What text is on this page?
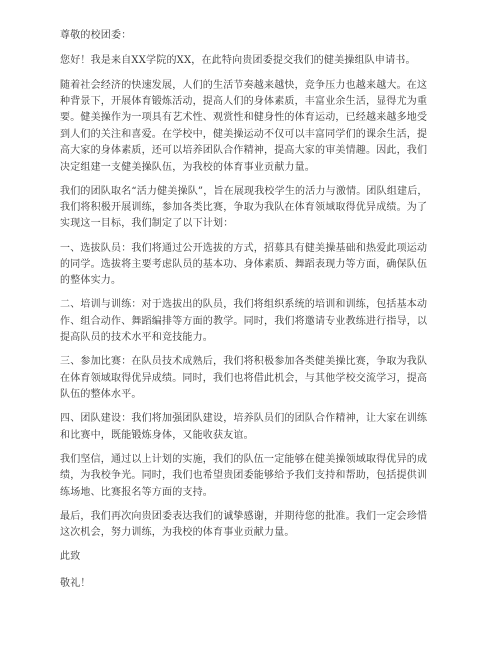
尊敬的校团委：

您好！我是来自XX学院的XX，在此特向贵团委提交我们的健美操组队申请书。

随着社会经济的快速发展，人们的生活节奏越来越快，竞争压力也越来越大。在这

种背景下，开展体育锻炼活动，提高人们的身体素质，丰富业余生活，显得尤为重

要。健美操作为一项具有艺术性、观赏性和健身性的体育运动，已经越来越多地受

到人们的关注和喜爱。在学校中，健美操运动不仅可以丰富同学们的课余生活，提

高大家的身体素质，还可以培养团队合作精神，提高大家的审美情趣。因此，我们

决定组建一支健美操队伍，为我校的体育事业贡献力量。

我们的团队取名“活力健美操队”，旨在展现我校学生的活力与激情。团队组建后，

我们将积极开展训练，参加各类比赛，争取为我队在体育领域取得优异成绩。为了

实现这一目标，我们制定了以下计划：

一、选拔队员：我们将通过公开选拔的方式，招募具有健美操基础和热爱此项运动

的同学。选拔将主要考虑队员的基本功、身体素质、舞蹈表现力等方面，确保队伍

的整体实力。

二、培训与训练：对于选拔出的队员，我们将组织系统的培训和训练，包括基本动

作、组合动作、舞蹈编排等方面的教学。同时，我们将邀请专业教练进行指导，以

提高队员的技术水平和竞技能力。

三、参加比赛：在队员技术成熟后，我们将积极参加各类健美操比赛，争取为我队

在体育领域取得优异成绩。同时，我们也将借此机会，与其他学校交流学习，提高

队伍的整体水平。

四、团队建设：我们将加强团队建设，培养队员们的团队合作精神，让大家在训练

和比赛中，既能锻炼身体，又能收获友谊。

我们坚信，通过以上计划的实施，我们的队伍一定能够在健美操领域取得优异的成

绩，为我校争光。同时，我们也希望贵团委能够给予我们支持和帮助，包括提供训

练场地、比赛报名等方面的支持。

最后，我们再次向贵团委表达我们的诚挚感谢，并期待您的批准。我们一定会珍惜

这次机会，努力训练，为我校的体育事业贡献力量。

此致

敬礼！
